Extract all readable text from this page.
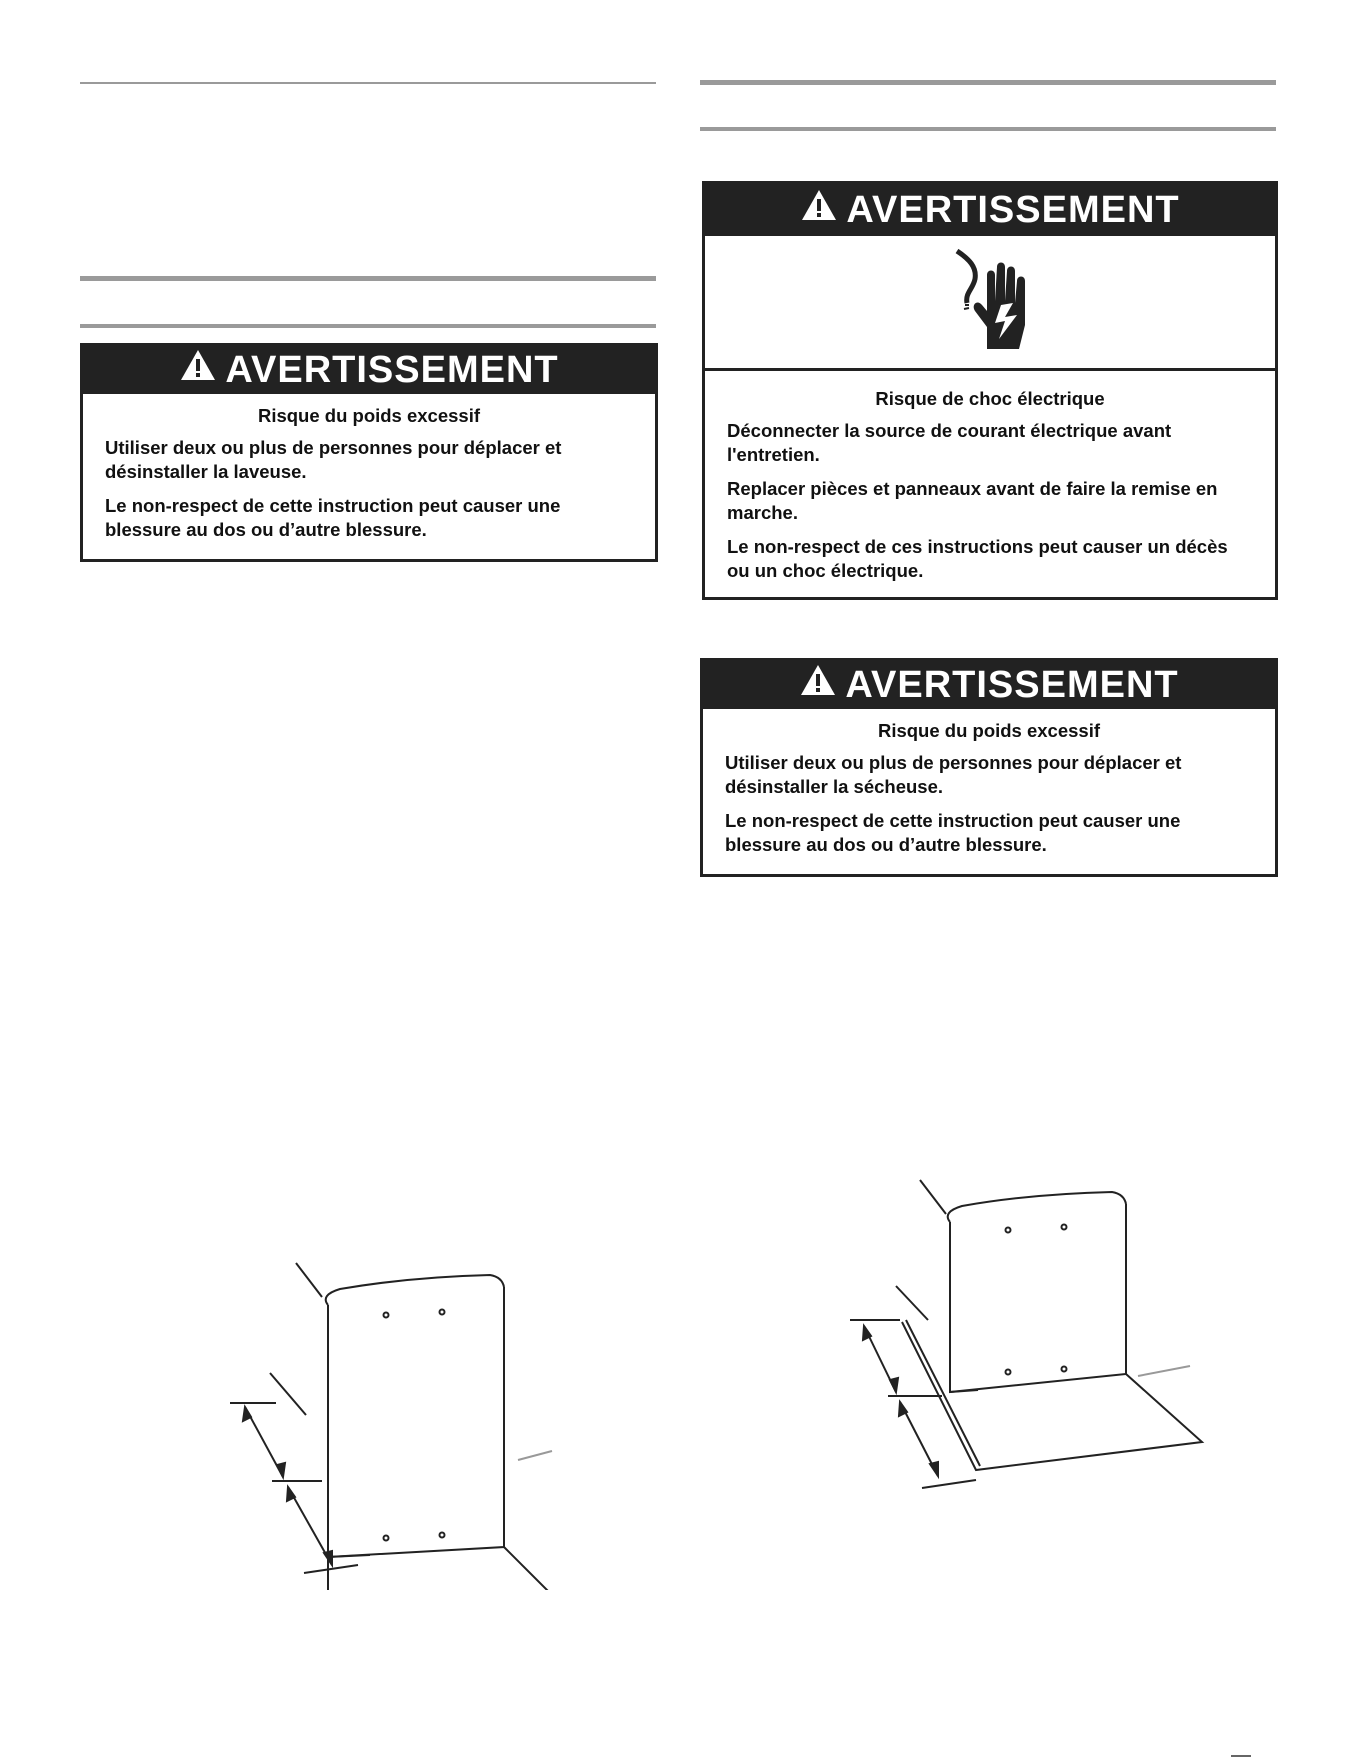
AVERTISSEMENT
Risque du poids excessif

Utiliser deux ou plus de personnes pour déplacer et désinstaller la laveuse.

Le non-respect de cette instruction peut causer une blessure au dos ou d’autre blessure.

AVERTISSEMENT
Risque de choc électrique

Déconnecter la source de courant électrique avant l'entretien.

Replacer pièces et panneaux avant de faire la remise en marche.

Le non-respect de ces instructions peut causer un décès ou un choc électrique.

AVERTISSEMENT
Risque du poids excessif

Utiliser deux ou plus de personnes pour déplacer et désinstaller la sécheuse.

Le non-respect de cette instruction peut causer une blessure au dos ou d’autre blessure.
